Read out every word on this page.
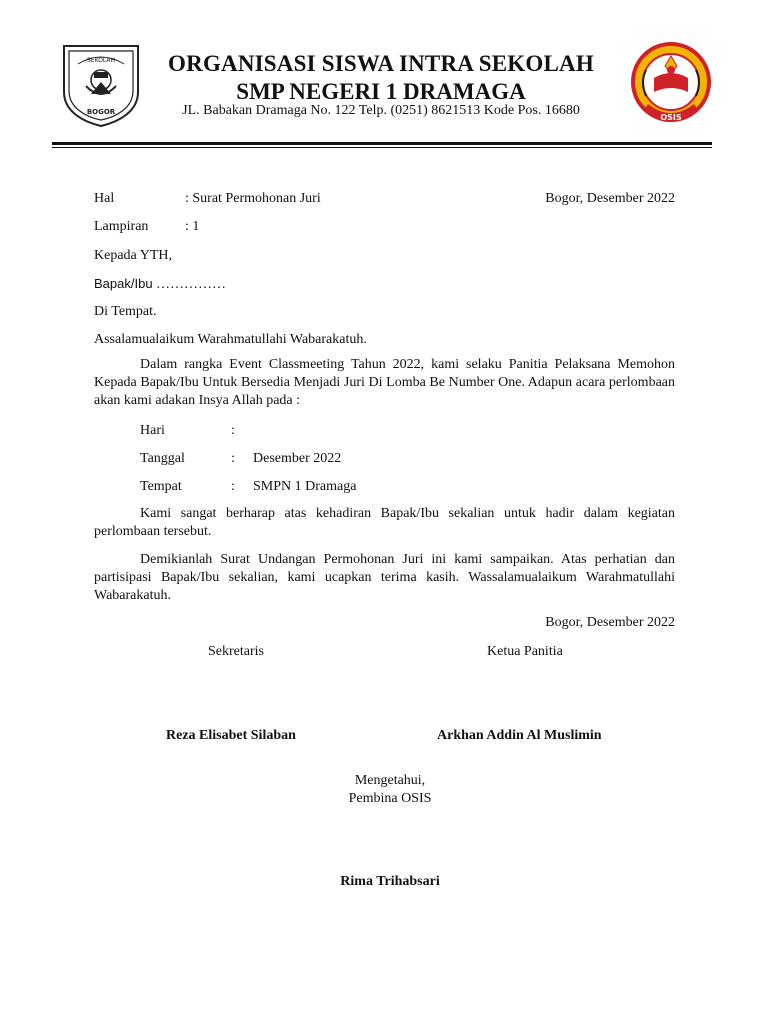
SEKOLAH
BOGOR
OSIS
ORGANISASI SISWA INTRA SEKOLAH
SMP NEGERI 1 DRAMAGA
JL. Babakan Dramaga No. 122 Telp. (0251) 8621513 Kode Pos. 16680
Hal	: Surat Permohonan Juri	Bogor, Desember 2022
Lampiran	: 1
Kepada YTH,
Bapak/Ibu ……………
Di Tempat.
Assalamualaikum Warahmatullahi Wabarakatuh.
Dalam rangka Event Classmeeting Tahun 2022, kami selaku Panitia Pelaksana Memohon Kepada Bapak/Ibu Untuk Bersedia Menjadi Juri Di Lomba Be Number One. Adapun acara perlombaan akan kami adakan Insya Allah pada :
Hari	:
Tanggal	: Desember 2022
Tempat	: SMPN 1 Dramaga
Kami sangat berharap atas kehadiran Bapak/Ibu sekalian untuk hadir dalam kegiatan perlombaan tersebut.
Demikianlah Surat Undangan Permohonan Juri ini kami sampaikan. Atas perhatian dan partisipasi Bapak/Ibu sekalian, kami ucapkan terima kasih. Wassalamualaikum Warahmatullahi Wabarakatuh.
Bogor, Desember 2022
Sekretaris	Ketua Panitia
Reza Elisabet Silaban	Arkhan Addin Al Muslimin
Mengetahui,
Pembina OSIS
Rima Trihabsari
